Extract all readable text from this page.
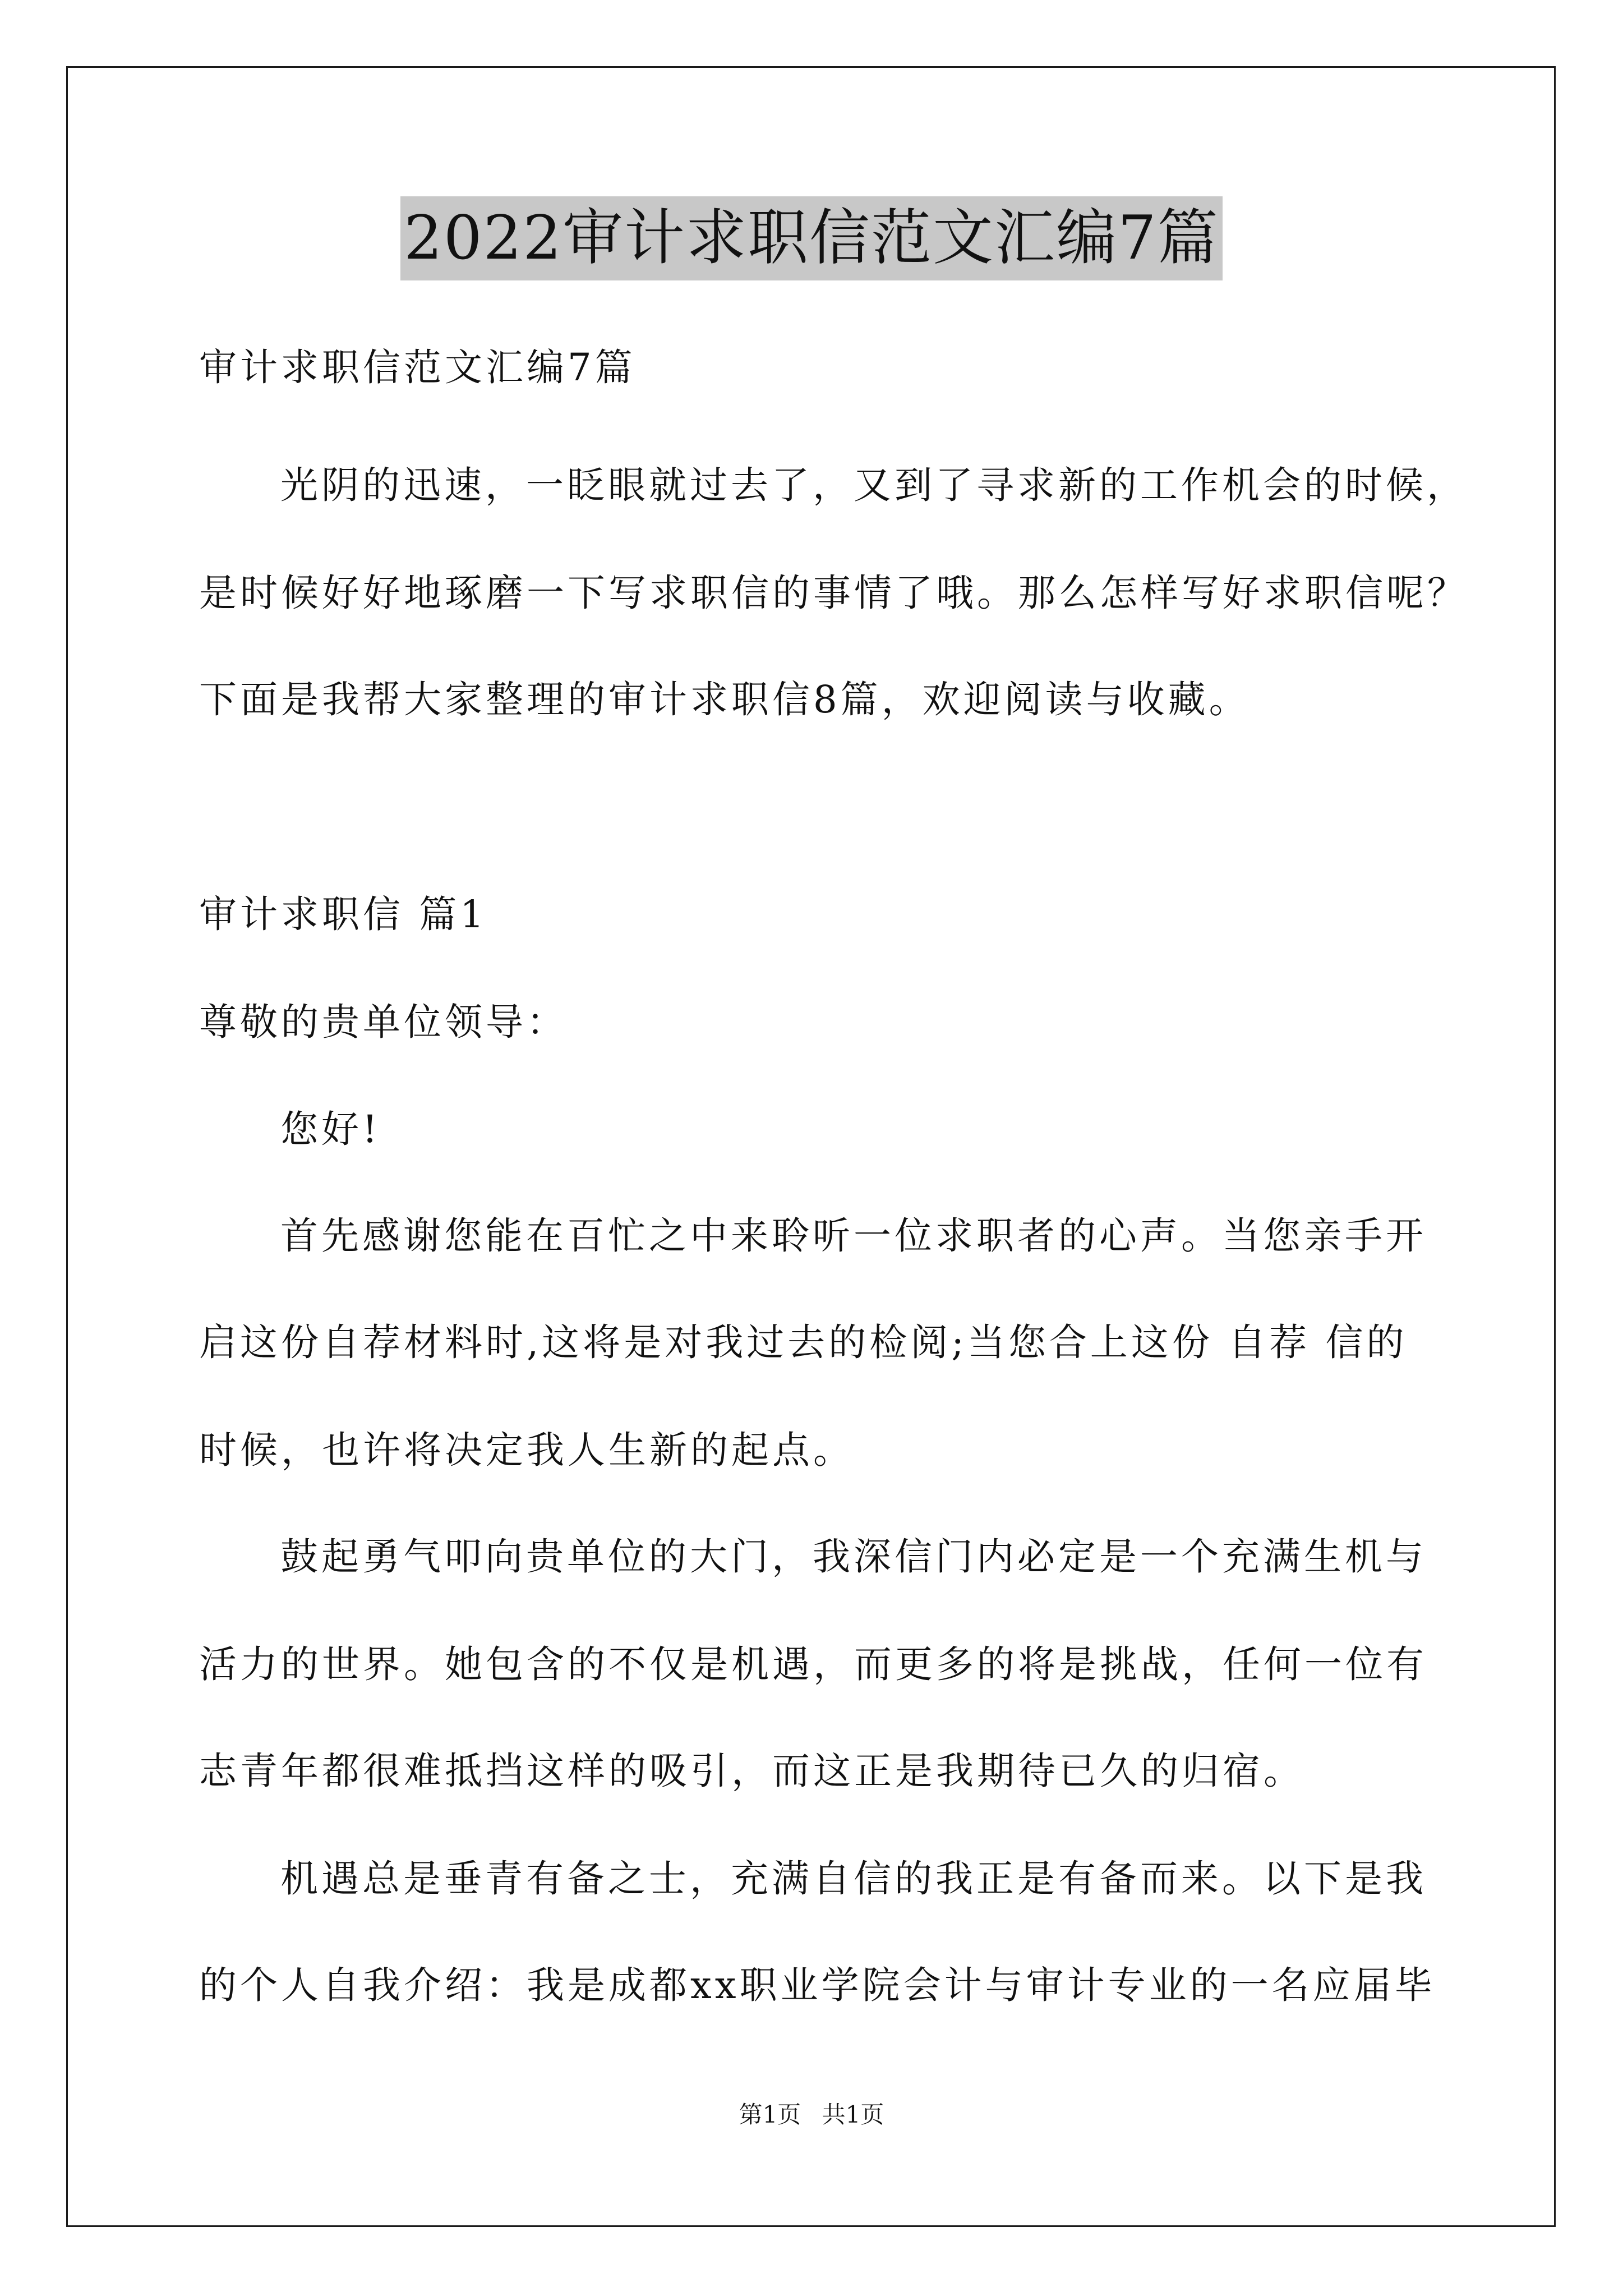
2022审计求职信范文汇编7篇
审计求职信范文汇编7篇
光阴的迅速，一眨眼就过去了，又到了寻求新的工作机会的时候，
是时候好好地琢磨一下写求职信的事情了哦。那么怎样写好求职信呢？
下面是我帮大家整理的审计求职信8篇，欢迎阅读与收藏。
审计求职信 篇1
尊敬的贵单位领导：
您好!
首先感谢您能在百忙之中来聆听一位求职者的心声。当您亲手开
启这份自荐材料时,这将是对我过去的检阅;当您合上这份 自荐 信的
时候，也许将决定我人生新的起点。
鼓起勇气叩向贵单位的大门，我深信门内必定是一个充满生机与
活力的世界。她包含的不仅是机遇，而更多的将是挑战，任何一位有
志青年都很难抵挡这样的吸引，而这正是我期待已久的归宿。
机遇总是垂青有备之士，充满自信的我正是有备而来。以下是我
的个人自我介绍：我是成都xx职业学院会计与审计专业的一名应届毕
第1页 共1页
